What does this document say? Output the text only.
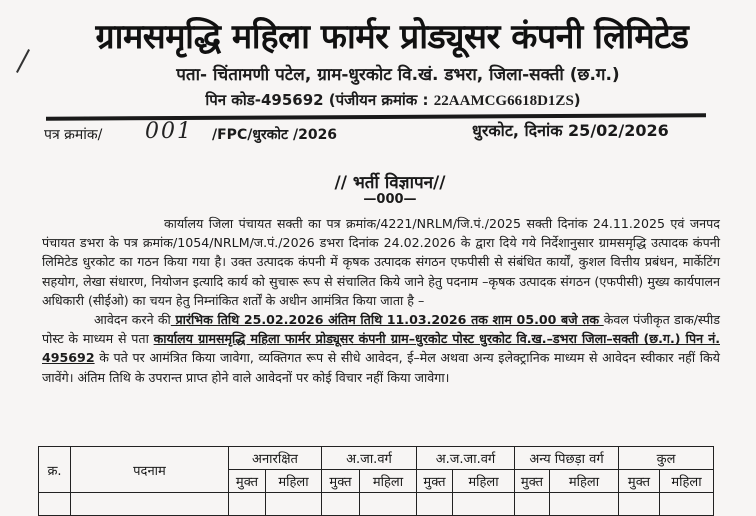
ग्रामसमृद्धि महिला फार्मर प्रोड्यूसर कंपनी लिमिटेड
पता- चिंतामणी पटेल, ग्राम-धुरकोट वि.खं. डभरा, जिला-सक्ती (छ.ग.)
पिन कोड-495692 (पंजीयन क्रमांक : 22AAMCG6618D1ZS)
पत्र क्रमांक/ 001 /FPC/धुरकोट /2026	धुरकोट, दिनांक 25/02/2026
// भर्ती विज्ञापन//
—000—

कार्यालय जिला पंचायत सक्ती का पत्र क्रमांक/4221/NRLM/जि.पं./2025 सक्ती दिनांक 24.11.2025 एवं जनपद पंचायत डभरा के पत्र क्रमांक/1054/NRLM/ज.पं./2026 डभरा दिनांक 24.02.2026 के द्वारा दिये गये निर्देशानुसार ग्रामसमृद्धि उत्पादक कंपनी लिमिटेड धुरकोट का गठन किया गया है। उक्त उत्पादक कंपनी में कृषक उत्पादक संगठन एफपीसी से संबंधित कार्यों, कुशल वित्तीय प्रबंधन, मार्केटिंग सहयोग, लेखा संधारण, नियोजन इत्यादि कार्य को सुचारू रूप से संचालित किये जाने हेतु पदनाम –कृषक उत्पादक संगठन (एफपीसी) मुख्य कार्यपालन अधिकारी (सीईओ) का चयन हेतु निम्नांकित शर्तों के अधीन आमंत्रित किया जाता है –

आवेदन करने की प्रारंभिक तिथि 25.02.2026 अंतिम तिथि 11.03.2026 तक शाम 05.00 बजे तक केवल पंजीकृत डाक/स्पीड पोस्ट के माध्यम से पता कार्यालय ग्रामसमृद्धि महिला फार्मर प्रोड्यूसर कंपनी ग्राम–धुरकोट पोस्ट धुरकोट वि.ख.–डभरा जिला–सक्ती (छ.ग.) पिन नं. 495692 के पते पर आमंत्रित किया जावेगा, व्यक्तिगत रूप से सीधे आवेदन, ई–मेल अथवा अन्य इलेक्ट्रानिक माध्यम से आवेदन स्वीकार नहीं किये जावेंगे। अंतिम तिथि के उपरान्त प्राप्त होने वाले आवेदनों पर कोई विचार नहीं किया जावेगा।

क्र.	पदनाम	अनारक्षित		अ.जा.वर्ग		अ.ज.जा.वर्ग		अन्य पिछड़ा वर्ग		कुल	
		मुक्त	महिला	मुक्त	महिला	मुक्त	महिला	मुक्त	महिला	मुक्त	महिला
